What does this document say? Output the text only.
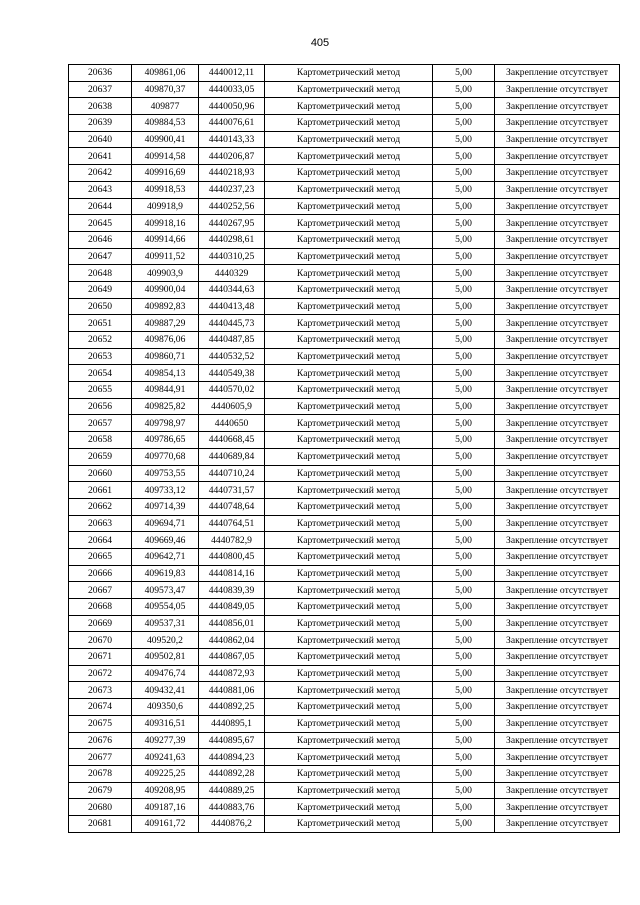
405
20636	409861,06	4440012,11	Картометрический метод	5,00	Закрепление отсутствует
20637	409870,37	4440033,05	Картометрический метод	5,00	Закрепление отсутствует
20638	409877	4440050,96	Картометрический метод	5,00	Закрепление отсутствует
20639	409884,53	4440076,61	Картометрический метод	5,00	Закрепление отсутствует
20640	409900,41	4440143,33	Картометрический метод	5,00	Закрепление отсутствует
20641	409914,58	4440206,87	Картометрический метод	5,00	Закрепление отсутствует
20642	409916,69	4440218,93	Картометрический метод	5,00	Закрепление отсутствует
20643	409918,53	4440237,23	Картометрический метод	5,00	Закрепление отсутствует
20644	409918,9	4440252,56	Картометрический метод	5,00	Закрепление отсутствует
20645	409918,16	4440267,95	Картометрический метод	5,00	Закрепление отсутствует
20646	409914,66	4440298,61	Картометрический метод	5,00	Закрепление отсутствует
20647	409911,52	4440310,25	Картометрический метод	5,00	Закрепление отсутствует
20648	409903,9	4440329	Картометрический метод	5,00	Закрепление отсутствует
20649	409900,04	4440344,63	Картометрический метод	5,00	Закрепление отсутствует
20650	409892,83	4440413,48	Картометрический метод	5,00	Закрепление отсутствует
20651	409887,29	4440445,73	Картометрический метод	5,00	Закрепление отсутствует
20652	409876,06	4440487,85	Картометрический метод	5,00	Закрепление отсутствует
20653	409860,71	4440532,52	Картометрический метод	5,00	Закрепление отсутствует
20654	409854,13	4440549,38	Картометрический метод	5,00	Закрепление отсутствует
20655	409844,91	4440570,02	Картометрический метод	5,00	Закрепление отсутствует
20656	409825,82	4440605,9	Картометрический метод	5,00	Закрепление отсутствует
20657	409798,97	4440650	Картометрический метод	5,00	Закрепление отсутствует
20658	409786,65	4440668,45	Картометрический метод	5,00	Закрепление отсутствует
20659	409770,68	4440689,84	Картометрический метод	5,00	Закрепление отсутствует
20660	409753,55	4440710,24	Картометрический метод	5,00	Закрепление отсутствует
20661	409733,12	4440731,57	Картометрический метод	5,00	Закрепление отсутствует
20662	409714,39	4440748,64	Картометрический метод	5,00	Закрепление отсутствует
20663	409694,71	4440764,51	Картометрический метод	5,00	Закрепление отсутствует
20664	409669,46	4440782,9	Картометрический метод	5,00	Закрепление отсутствует
20665	409642,71	4440800,45	Картометрический метод	5,00	Закрепление отсутствует
20666	409619,83	4440814,16	Картометрический метод	5,00	Закрепление отсутствует
20667	409573,47	4440839,39	Картометрический метод	5,00	Закрепление отсутствует
20668	409554,05	4440849,05	Картометрический метод	5,00	Закрепление отсутствует
20669	409537,31	4440856,01	Картометрический метод	5,00	Закрепление отсутствует
20670	409520,2	4440862,04	Картометрический метод	5,00	Закрепление отсутствует
20671	409502,81	4440867,05	Картометрический метод	5,00	Закрепление отсутствует
20672	409476,74	4440872,93	Картометрический метод	5,00	Закрепление отсутствует
20673	409432,41	4440881,06	Картометрический метод	5,00	Закрепление отсутствует
20674	409350,6	4440892,25	Картометрический метод	5,00	Закрепление отсутствует
20675	409316,51	4440895,1	Картометрический метод	5,00	Закрепление отсутствует
20676	409277,39	4440895,67	Картометрический метод	5,00	Закрепление отсутствует
20677	409241,63	4440894,23	Картометрический метод	5,00	Закрепление отсутствует
20678	409225,25	4440892,28	Картометрический метод	5,00	Закрепление отсутствует
20679	409208,95	4440889,25	Картометрический метод	5,00	Закрепление отсутствует
20680	409187,16	4440883,76	Картометрический метод	5,00	Закрепление отсутствует
20681	409161,72	4440876,2	Картометрический метод	5,00	Закрепление отсутствует
